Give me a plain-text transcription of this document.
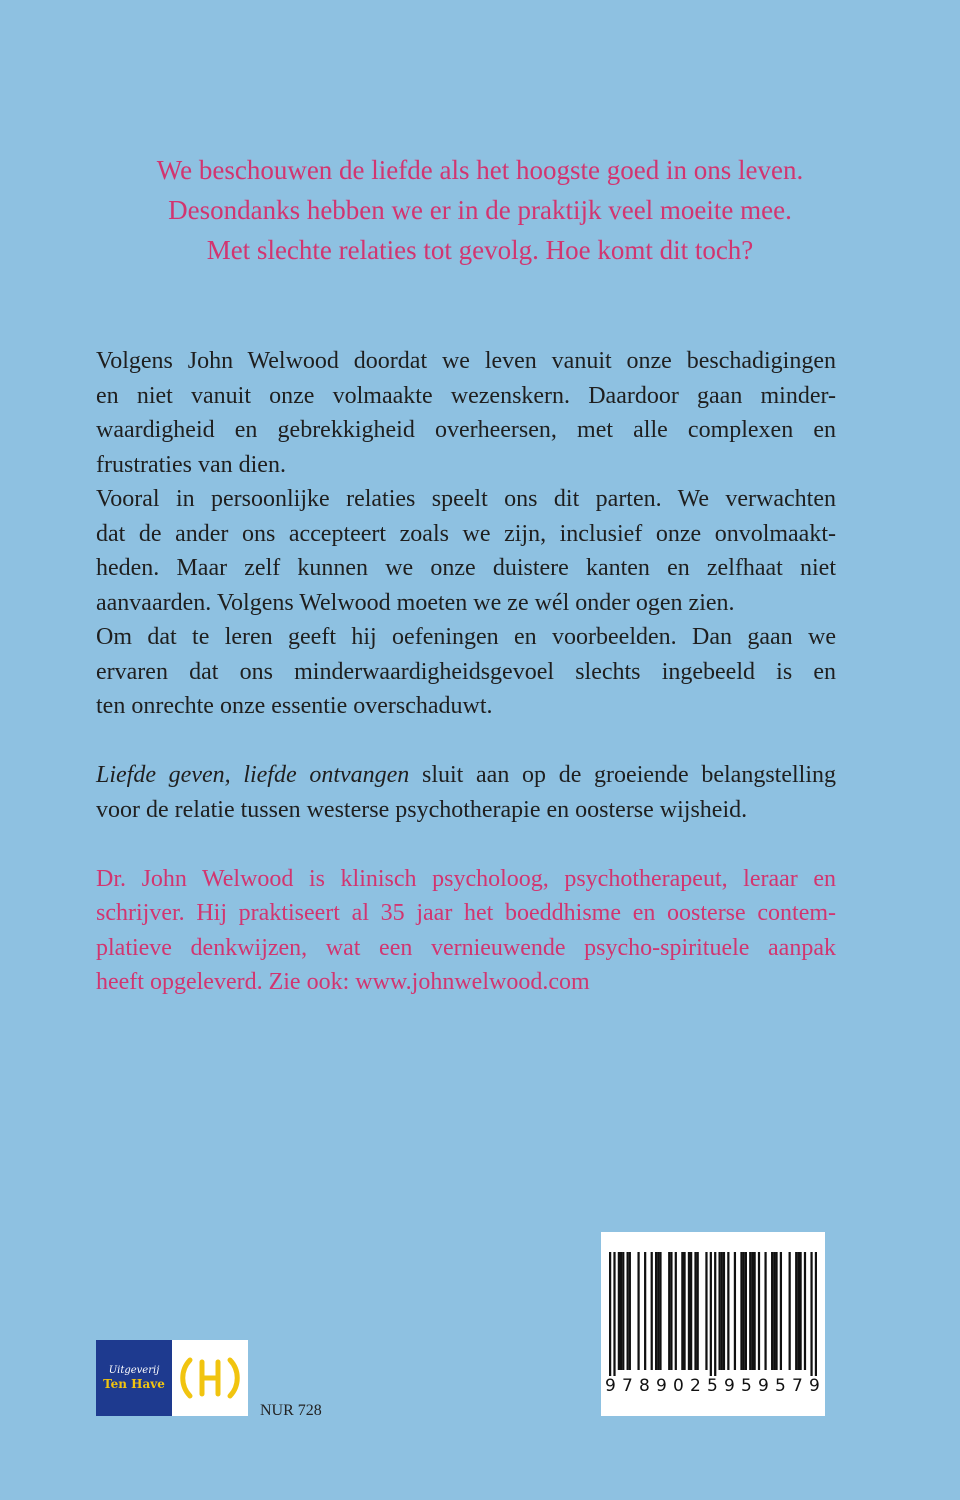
We beschouwen de liefde als het hoogste goed in ons leven.
Desondanks hebben we er in de praktijk veel moeite mee.
Met slechte relaties tot gevolg. Hoe komt dit toch?
Volgens John Welwood doordat we leven vanuit onze beschadigingen
en niet vanuit onze volmaakte wezenskern. Daardoor gaan minder-
waardigheid en gebrekkigheid overheersen, met alle complexen en
frustraties van dien.
Vooral in persoonlijke relaties speelt ons dit parten. We verwachten
dat de ander ons accepteert zoals we zijn, inclusief onze onvolmaakt-
heden. Maar zelf kunnen we onze duistere kanten en zelfhaat niet
aanvaarden. Volgens Welwood moeten we ze wél onder ogen zien.
Om dat te leren geeft hij oefeningen en voorbeelden. Dan gaan we
ervaren dat ons minderwaardigheidsgevoel slechts ingebeeld is en
ten onrechte onze essentie overschaduwt.
Liefde geven, liefde ontvangen sluit aan op de groeiende belangstelling
voor de relatie tussen westerse psychotherapie en oosterse wijsheid.
Dr. John Welwood is klinisch psycholoog, psychotherapeut, leraar en
schrijver. Hij praktiseert al 35 jaar het boeddhisme en oosterse contem-
platieve denkwijzen, wat een vernieuwende psycho-spirituele aanpak
heeft opgeleverd. Zie ook: www.johnwelwood.com
Uitgeverij
Ten Have
NUR 728
9 7 8 9 0 2 5 9 5 9 5 7 9
